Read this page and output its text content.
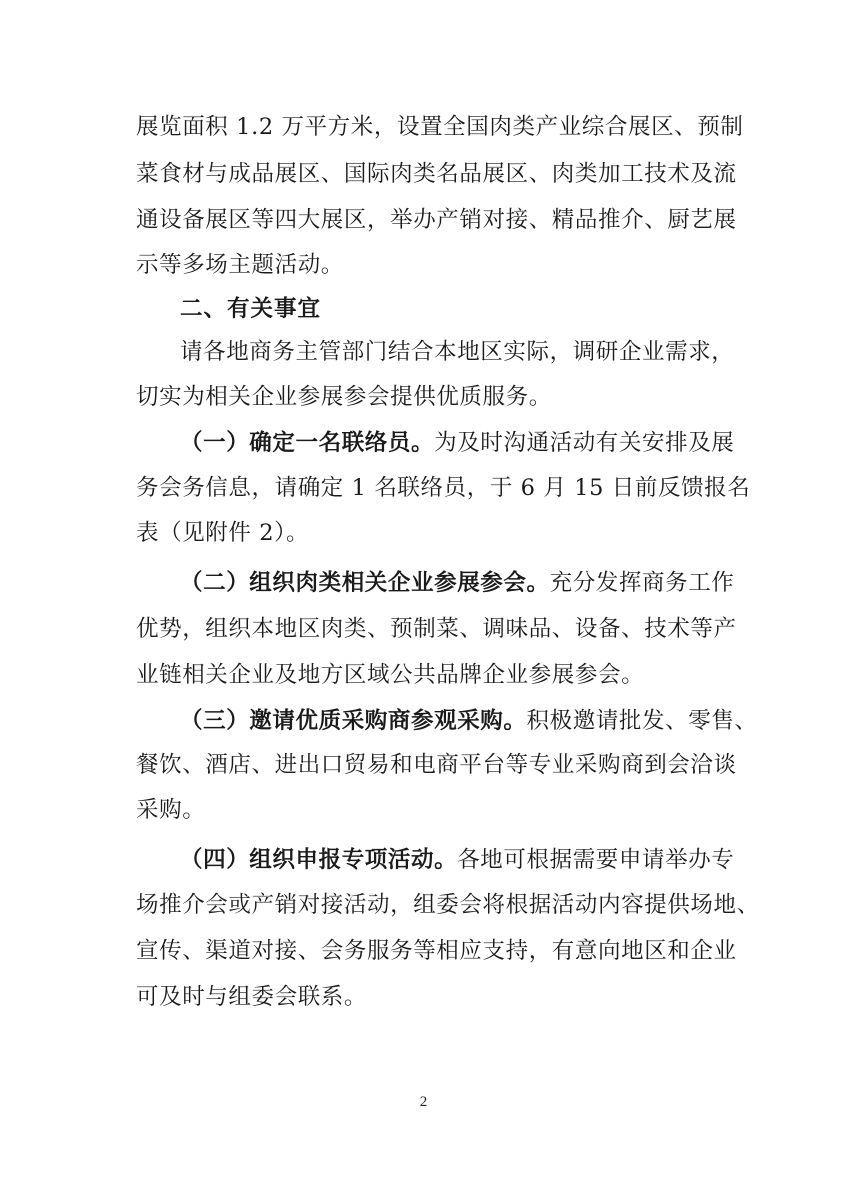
展览面积 1.2 万平方米，设置全国肉类产业综合展区、预制
菜食材与成品展区、国际肉类名品展区、肉类加工技术及流
通设备展区等四大展区，举办产销对接、精品推介、厨艺展
示等多场主题活动。
二、有关事宜
请各地商务主管部门结合本地区实际，调研企业需求，
切实为相关企业参展参会提供优质服务。
（一）确定一名联络员。为及时沟通活动有关安排及展
务会务信息，请确定 1 名联络员，于 6 月 15 日前反馈报名
表（见附件 2）。
（二）组织肉类相关企业参展参会。充分发挥商务工作
优势，组织本地区肉类、预制菜、调味品、设备、技术等产
业链相关企业及地方区域公共品牌企业参展参会。
（三）邀请优质采购商参观采购。积极邀请批发、零售、
餐饮、酒店、进出口贸易和电商平台等专业采购商到会洽谈
采购。
（四）组织申报专项活动。各地可根据需要申请举办专
场推介会或产销对接活动，组委会将根据活动内容提供场地、
宣传、渠道对接、会务服务等相应支持，有意向地区和企业
可及时与组委会联系。
2
